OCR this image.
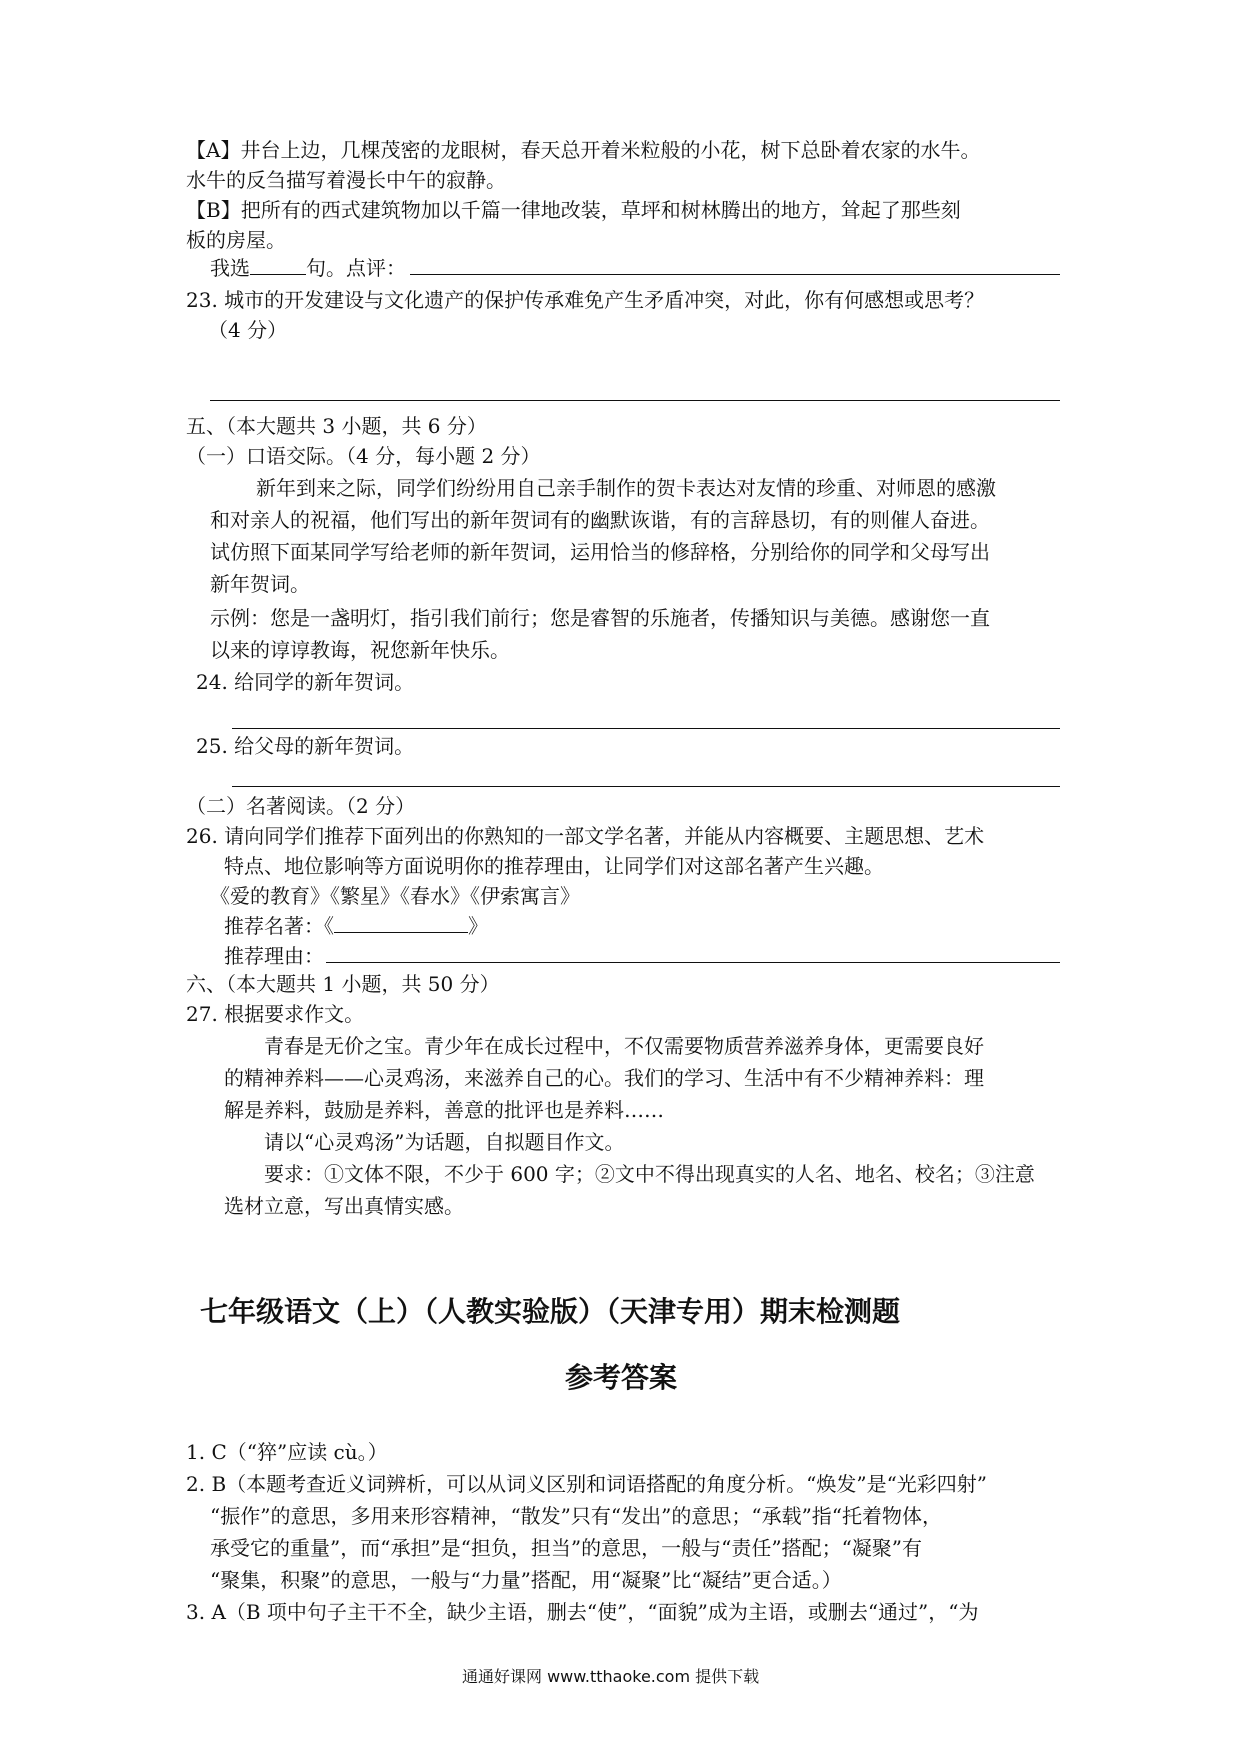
【A】井台上边，几棵茂密的龙眼树，春天总开着米粒般的小花，树下总卧着农家的水牛。
水牛的反刍描写着漫长中午的寂静。
【B】把所有的西式建筑物加以千篇一律地改装，草坪和树林腾出的地方，耸起了那些刻
板的房屋。
我选	句。点评：
23. 城市的开发建设与文化遗产的保护传承难免产生矛盾冲突，对此，你有何感想或思考？
（4 分）
五、（本大题共 3 小题，共 6 分）
（一）口语交际。（4 分，每小题 2 分）
新年到来之际，同学们纷纷用自己亲手制作的贺卡表达对友情的珍重、对师恩的感激
和对亲人的祝福，他们写出的新年贺词有的幽默诙谐，有的言辞恳切，有的则催人奋进。
试仿照下面某同学写给老师的新年贺词，运用恰当的修辞格，分别给你的同学和父母写出
新年贺词。
示例：您是一盏明灯，指引我们前行；您是睿智的乐施者，传播知识与美德。感谢您一直
以来的谆谆教诲，祝您新年快乐。
24. 给同学的新年贺词。
25. 给父母的新年贺词。
（二）名著阅读。（2 分）
26. 请向同学们推荐下面列出的你熟知的一部文学名著，并能从内容概要、主题思想、艺术
特点、地位影响等方面说明你的推荐理由，让同学们对这部名著产生兴趣。
《爱的教育》《繁星》《春水》《伊索寓言》
推荐名著：《	》
推荐理由：
六、（本大题共 1 小题，共 50 分）
27. 根据要求作文。
青春是无价之宝。青少年在成长过程中，不仅需要物质营养滋养身体，更需要良好
的精神养料——心灵鸡汤，来滋养自己的心。我们的学习、生活中有不少精神养料：理
解是养料，鼓励是养料，善意的批评也是养料……
请以“心灵鸡汤”为话题，自拟题目作文。
要求：①文体不限，不少于 600 字；②文中不得出现真实的人名、地名、校名；③注意
选材立意，写出真情实感。
七年级语文（上）（人教实验版）（天津专用）期末检测题
参考答案
1. C（“猝”应读 cù。）
2. B（本题考查近义词辨析，可以从词义区别和词语搭配的角度分析。“焕发”是“光彩四射”
“振作”的意思，多用来形容精神，“散发”只有“发出”的意思；“承载”指“托着物体，
承受它的重量”，而“承担”是“担负，担当”的意思，一般与“责任”搭配；“凝聚”有
“聚集，积聚”的意思，一般与“力量”搭配，用“凝聚”比“凝结”更合适。）
3. A（B 项中句子主干不全，缺少主语，删去“使”，“面貌”成为主语，或删去“通过”，“为
通通好课网 www.tthaoke.com 提供下载
